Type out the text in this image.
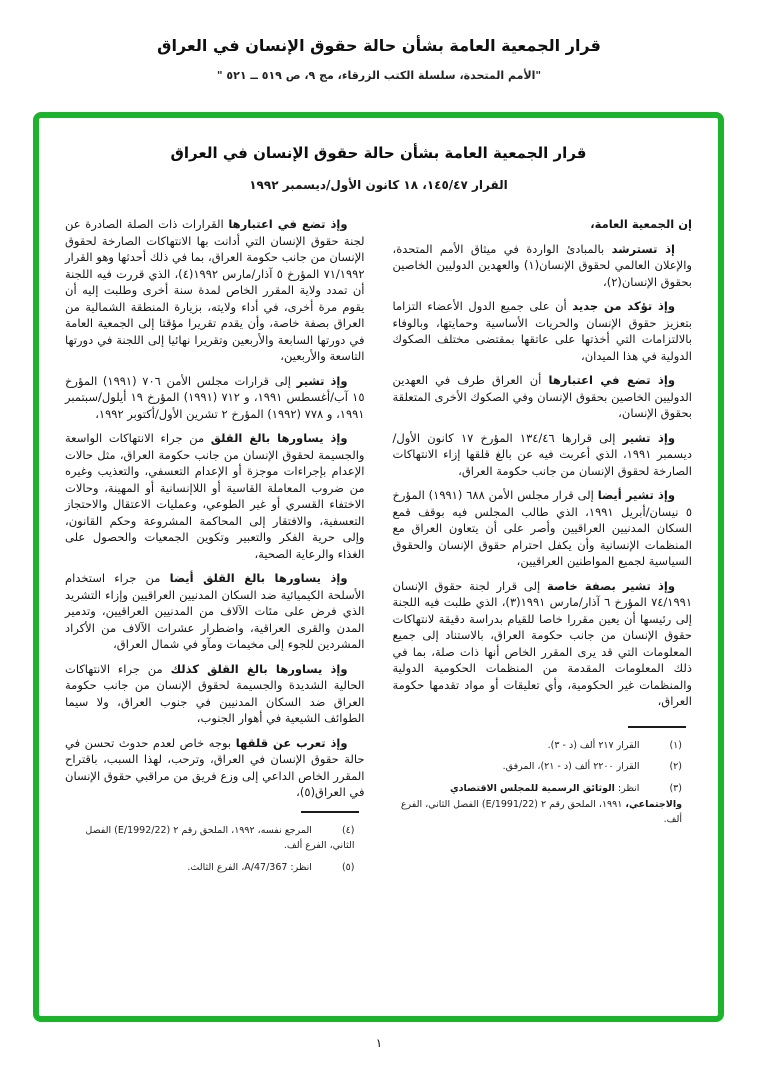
قرار الجمعية العامة بشأن حالة حقوق الإنسان في العراق
"الأمم المتحدة، سلسلة الكتب الزرقاء، مج ٩، ص ٥١٩ ــ ٥٢١ "
قرار الجمعية العامة بشأن حالة حقوق الإنسان في العراق
القرار ١٤٥/٤٧، ١٨ كانون الأول/ديسمبر ١٩٩٢

إن الجمعية العامة،

إذ تسترشد بالمبادئ الواردة في ميثاق الأمم المتحدة، والإعلان العالمي لحقوق الإنسان(١) والعهدين الدوليين الخاصين بحقوق الإنسان(٢)،

وإذ تؤكد من جديد أن على جميع الدول الأعضاء التزاما بتعزيز حقوق الإنسان والحريات الأساسية وحمايتها، وبالوفاء بالالتزامات التي أخذتها على عاتقها بمقتضى مختلف الصكوك الدولية في هذا الميدان،

وإذ تضع في اعتبارها أن العراق طرف في العهدين الدوليين الخاصين بحقوق الإنسان وفي الصكوك الأخرى المتعلقة بحقوق الإنسان،

وإذ تشير إلى قرارها ١٣٤/٤٦ المؤرخ ١٧ كانون الأول/ديسمبر ١٩٩١، الذي أعربت فيه عن بالغ قلقها إزاء الانتهاكات الصارخة لحقوق الإنسان من جانب حكومة العراق،

وإذ تشير أيضا إلى قرار مجلس الأمن ٦٨٨ (١٩٩١) المؤرخ ٥ نيسان/أبريل ١٩٩١، الذي طالب المجلس فيه بوقف قمع السكان المدنيين العراقيين وأصر على أن يتعاون العراق مع المنظمات الإنسانية وأن يكفل احترام حقوق الإنسان والحقوق السياسية لجميع المواطنين العراقيين،

وإذ تشير بصفة خاصة إلى قرار لجنة حقوق الإنسان ٧٤/١٩٩١ المؤرخ ٦ آذار/مارس ١٩٩١(٣)، الذي طلبت فيه اللجنة إلى رئيسها أن يعين مقررا خاصا للقيام بدراسة دقيقة لانتهاكات حقوق الإنسان من جانب حكومة العراق، بالاستناد إلى جميع المعلومات التي قد يرى المقرر الخاص أنها ذات صلة، بما في ذلك المعلومات المقدمة من المنظمات الحكومية الدولية والمنظمات غير الحكومية، وأي تعليقات أو مواد تقدمها حكومة العراق،

(١)القرار ٢١٧ ألف (د - ٣).
(٢)القرار ٢٢٠٠ ألف (د - ٢١)، المرفق.
(٣)انظر: الوثائق الرسمية للمجلس الاقتصادي والاجتماعي، ١٩٩١، الملحق رقم ٢ (E/1991/22) الفصل الثاني، الفرع ألف.

وإذ تضع في اعتبارها القرارات ذات الصلة الصادرة عن لجنة حقوق الإنسان التي أدانت بها الانتهاكات الصارخة لحقوق الإنسان من جانب حكومة العراق، بما في ذلك أحدثها وهو القرار ٧١/١٩٩٢ المؤرخ ٥ آذار/مارس ١٩٩٢(٤)، الذي قررت فيه اللجنة أن تمدد ولاية المقرر الخاص لمدة سنة أخرى وطلبت إليه أن يقوم مرة أخرى، في أداء ولايته، بزيارة المنطقة الشمالية من العراق بصفة خاصة، وأن يقدم تقريرا مؤقتا إلى الجمعية العامة في دورتها السابعة والأربعين وتقريرا نهائيا إلى اللجنة في دورتها التاسعة والأربعين،

وإذ تشير إلى قرارات مجلس الأمن ٧٠٦ (١٩٩١) المؤرخ ١٥ آب/أغسطس ١٩٩١، و ٧١٢ (١٩٩١) المؤرخ ١٩ أيلول/سبتمبر ١٩٩١، و ٧٧٨ (١٩٩٢) المؤرخ ٢ تشرين الأول/أكتوبر ١٩٩٢،

وإذ يساورها بالغ القلق من جراء الانتهاكات الواسعة والجسيمة لحقوق الإنسان من جانب حكومة العراق، مثل حالات الإعدام بإجراءات موجزة أو الإعدام التعسفي، والتعذيب وغيره من ضروب المعاملة القاسية أو اللاإنسانية أو المهينة، وحالات الاختفاء القسري أو غير الطوعي، وعمليات الاعتقال والاحتجاز التعسفية، والافتقار إلى المحاكمة المشروعة وحكم القانون، وإلى حرية الفكر والتعبير وتكوين الجمعيات والحصول على الغذاء والرعاية الصحية،

وإذ يساورها بالغ القلق أيضا من جراء استخدام الأسلحة الكيميائية ضد السكان المدنيين العراقيين وإزاء التشريد الذي فرض على مئات الآلاف من المدنيين العراقيين، وتدمير المدن والقرى العراقية، واضطرار عشرات الآلاف من الأكراد المشردين للجوء إلى مخيمات ومآو في شمال العراق،

وإذ يساورها بالغ القلق كذلك من جراء الانتهاكات الحالية الشديدة والجسيمة لحقوق الإنسان من جانب حكومة العراق ضد السكان المدنيين في جنوب العراق، ولا سيما الطوائف الشيعية في أهوار الجنوب،

وإذ تعرب عن قلقها بوجه خاص لعدم حدوث تحسن في حالة حقوق الإنسان في العراق، وترحب، لهذا السبب، باقتراح المقرر الخاص الداعي إلى وزع فريق من مراقبي حقوق الإنسان في العراق(٥)،

(٤)المرجع نفسه، ١٩٩٢، الملحق رقم ٢ (E/1992/22) الفصل الثاني، الفرع ألف.
(٥)انظر: A/47/367، الفرع الثالث.
١
